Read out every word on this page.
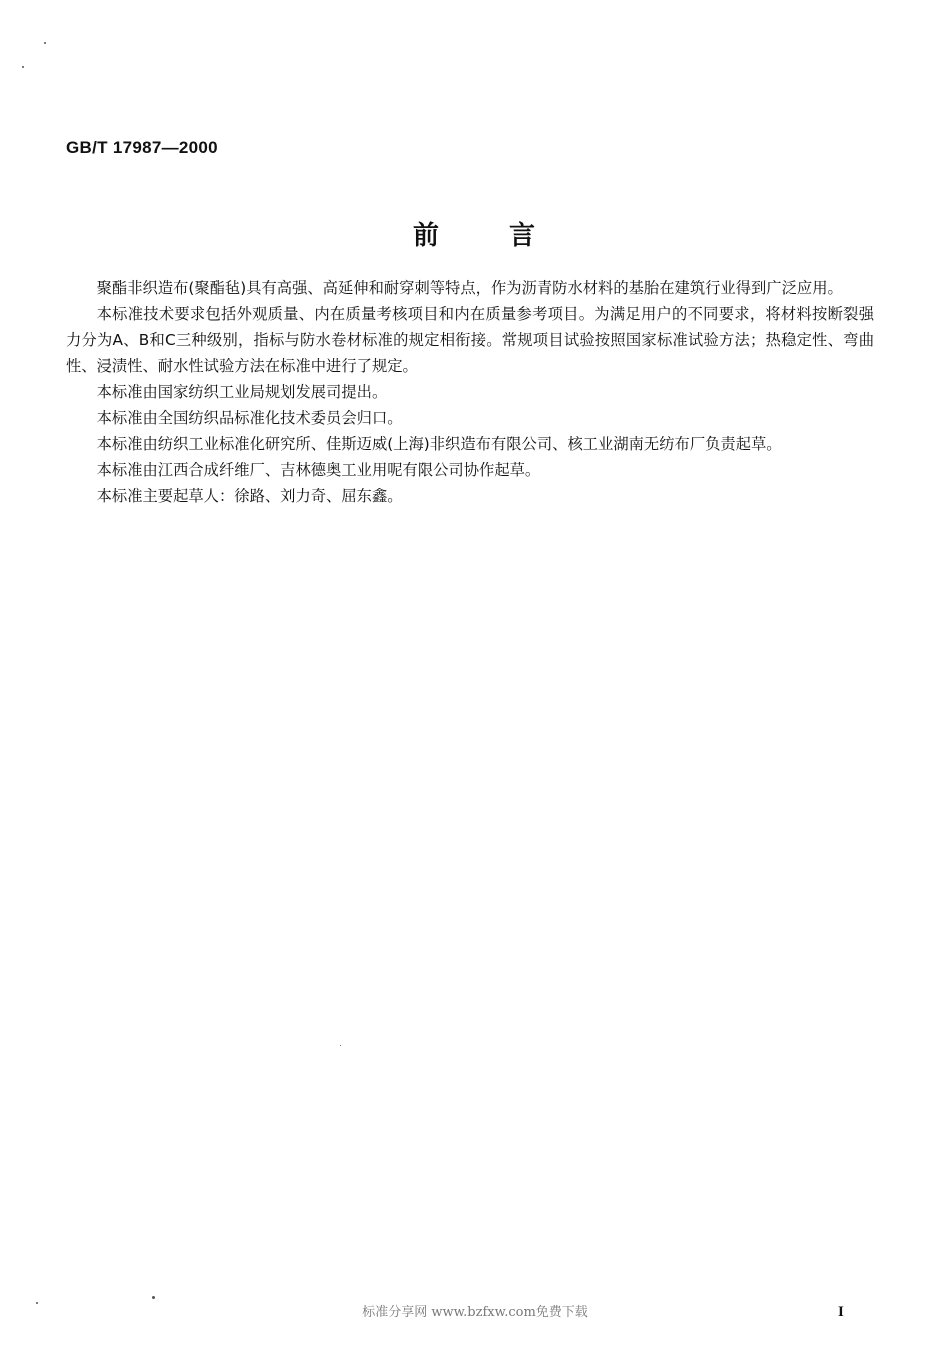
GB/T 17987—2000
前	言

聚酯非织造布(聚酯毡)具有高强、高延伸和耐穿刺等特点，作为沥青防水材料的基胎在建筑行业得到广泛应用。

本标准技术要求包括外观质量、内在质量考核项目和内在质量参考项目。为满足用户的不同要求，将材料按断裂强力分为A、B和C三种级别，指标与防水卷材标准的规定相衔接。常规项目试验按照国家标准试验方法；热稳定性、弯曲性、浸渍性、耐水性试验方法在标准中进行了规定。

本标准由国家纺织工业局规划发展司提出。

本标准由全国纺织品标准化技术委员会归口。

本标准由纺织工业标准化研究所、佳斯迈威(上海)非织造布有限公司、核工业湖南无纺布厂负责起草。

本标准由江西合成纤维厂、吉林德奥工业用呢有限公司协作起草。

本标准主要起草人：徐路、刘力奇、屈东鑫。

标准分享网 www.bzfxw.com免费下载	I
